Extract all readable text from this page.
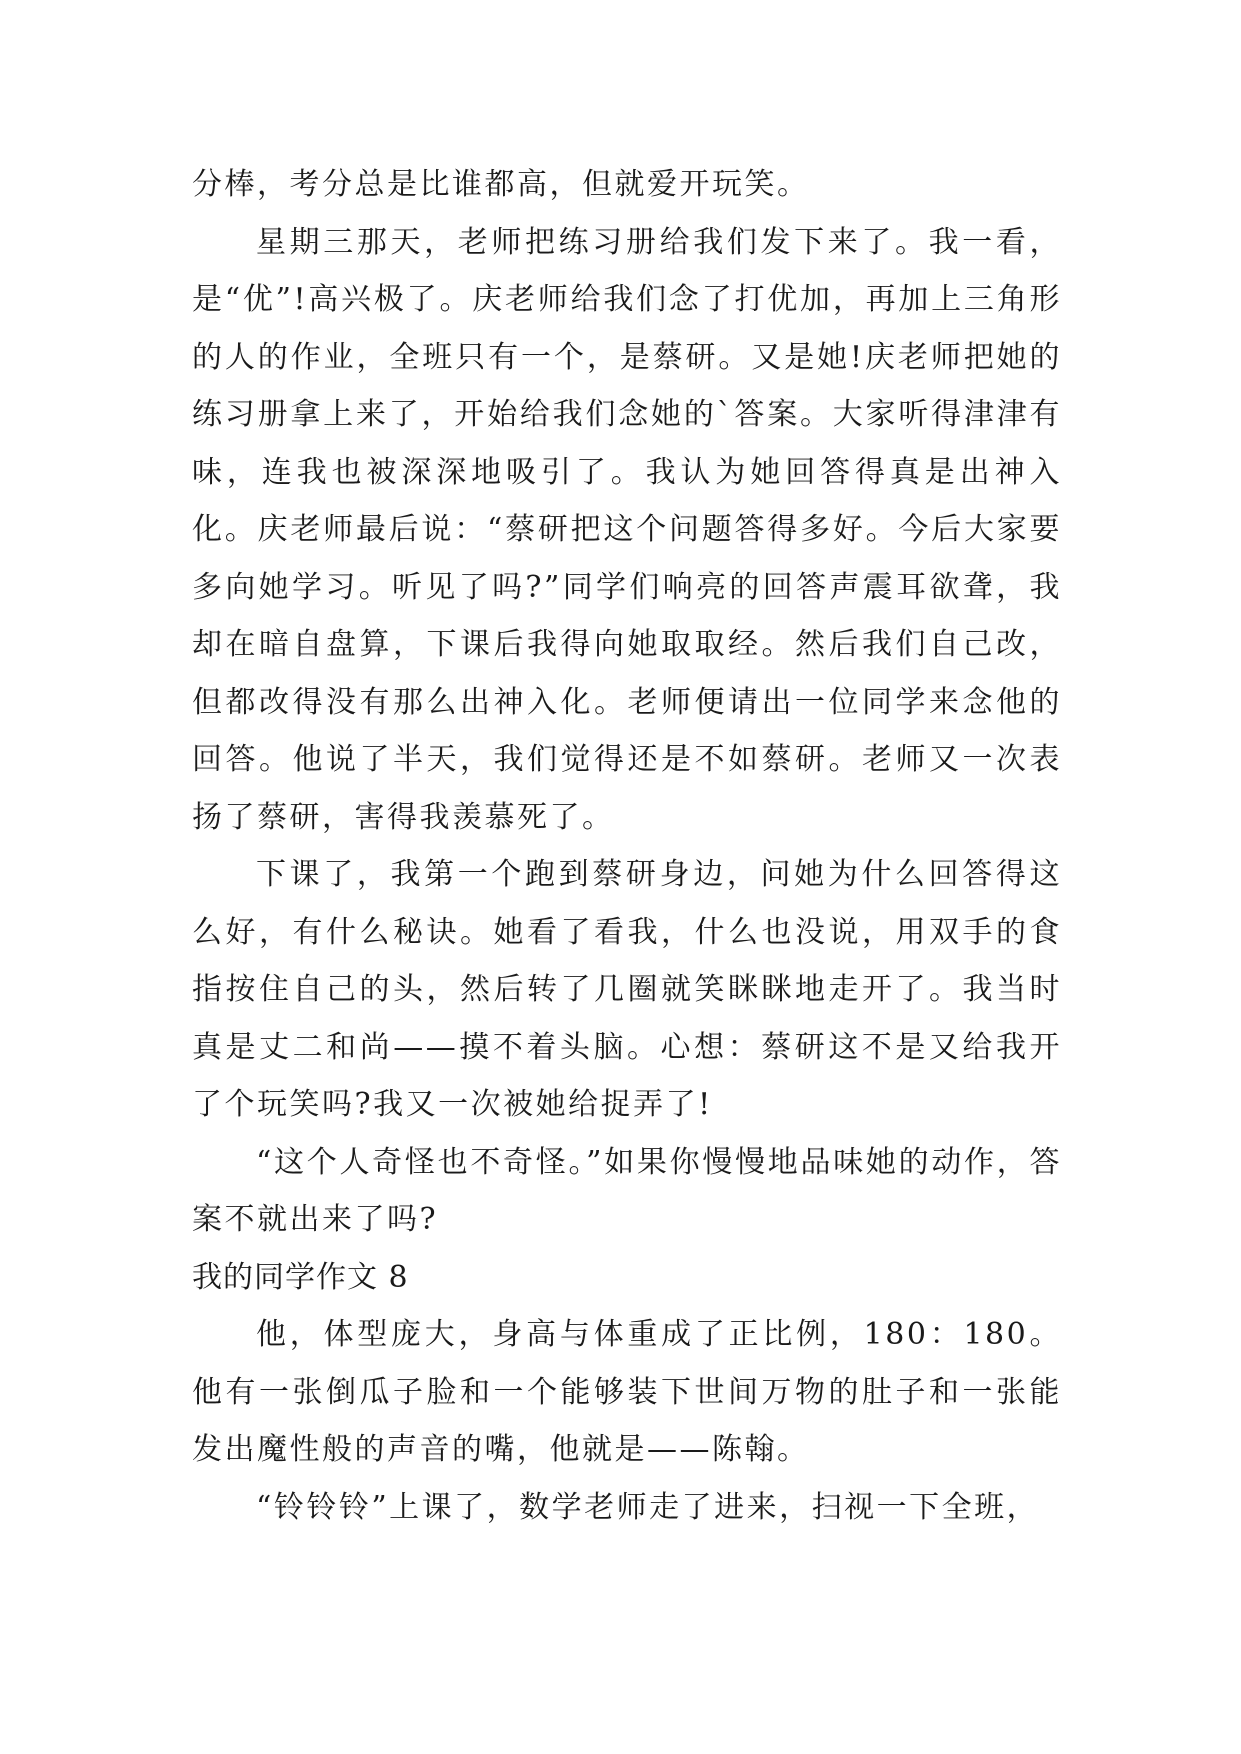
分棒，考分总是比谁都高，但就爱开玩笑。

星期三那天，老师把练习册给我们发下来了。我一看，是“优”!高兴极了。庆老师给我们念了打优加，再加上三角形的人的作业，全班只有一个，是蔡研。又是她!庆老师把她的练习册拿上来了，开始给我们念她的`答案。大家听得津津有味，连我也被深深地吸引了。我认为她回答得真是出神入化。庆老师最后说：“蔡研把这个问题答得多好。今后大家要多向她学习。听见了吗?”同学们响亮的回答声震耳欲聋，我却在暗自盘算，下课后我得向她取取经。然后我们自己改，但都改得没有那么出神入化。老师便请出一位同学来念他的回答。他说了半天，我们觉得还是不如蔡研。老师又一次表扬了蔡研，害得我羡慕死了。

下课了，我第一个跑到蔡研身边，问她为什么回答得这么好，有什么秘诀。她看了看我，什么也没说，用双手的食指按住自己的头，然后转了几圈就笑眯眯地走开了。我当时真是丈二和尚——摸不着头脑。心想：蔡研这不是又给我开了个玩笑吗?我又一次被她给捉弄了!

“这个人奇怪也不奇怪。”如果你慢慢地品味她的动作，答案不就出来了吗?

我的同学作文 8

他，体型庞大，身高与体重成了正比例，180：180。他有一张倒瓜子脸和一个能够装下世间万物的肚子和一张能发出魔性般的声音的嘴，他就是——陈翰。

“铃铃铃”上课了，数学老师走了进来，扫视一下全班，
